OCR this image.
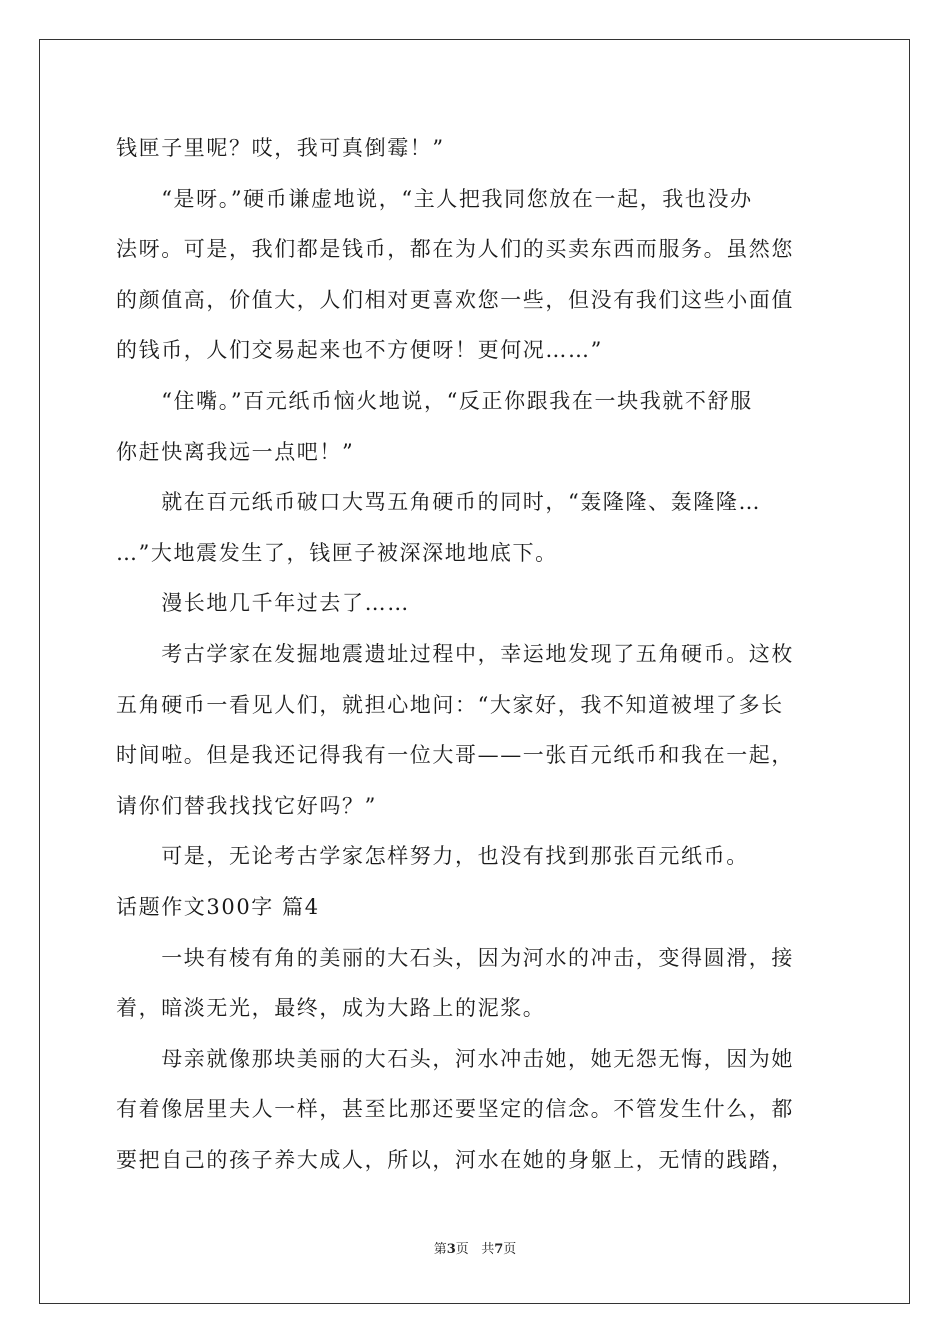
钱匣子里呢？哎，我可真倒霉！”
　　“是呀。”硬币谦虚地说，“主人把我同您放在一起，我也没办
法呀。可是，我们都是钱币，都在为人们的买卖东西而服务。虽然您
的颜值高，价值大，人们相对更喜欢您一些，但没有我们这些小面值
的钱币，人们交易起来也不方便呀！更何况……”
　　“住嘴。”百元纸币恼火地说，“反正你跟我在一块我就不舒服
你赶快离我远一点吧！”
　　就在百元纸币破口大骂五角硬币的同时，“轰隆隆、轰隆隆…
…”大地震发生了，钱匣子被深深地地底下。
　　漫长地几千年过去了……
　　考古学家在发掘地震遗址过程中，幸运地发现了五角硬币。这枚
五角硬币一看见人们，就担心地问：“大家好，我不知道被埋了多长
时间啦。但是我还记得我有一位大哥——一张百元纸币和我在一起，
请你们替我找找它好吗？”
　　可是，无论考古学家怎样努力，也没有找到那张百元纸币。
话题作文300字 篇4
　　一块有棱有角的美丽的大石头，因为河水的冲击，变得圆滑，接
着，暗淡无光，最终，成为大路上的泥浆。
　　母亲就像那块美丽的大石头，河水冲击她，她无怨无悔，因为她
有着像居里夫人一样，甚至比那还要坚定的信念。不管发生什么，都
要把自己的孩子养大成人，所以，河水在她的身躯上，无情的践踏，
第3页 共7页
